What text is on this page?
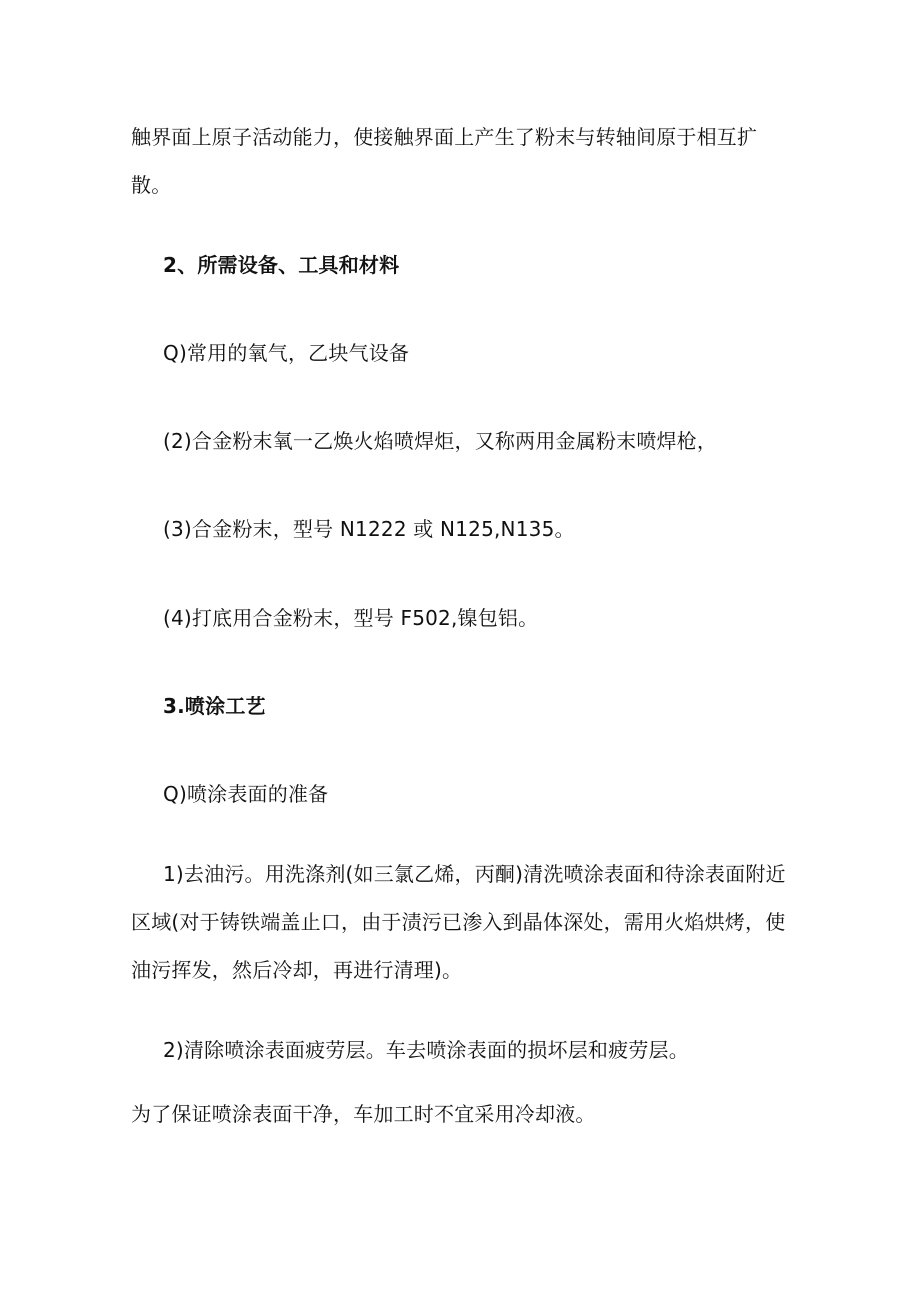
触界面上原子活动能力，使接触界面上产生了粉末与转轴间原于相互扩
散。
2、所需设备、工具和材料
Q)常用的氧气，乙块气设备
(2)合金粉末氧一乙焕火焰喷焊炬，又称两用金属粉末喷焊枪，
(3)合金粉末，型号 N1222 或 N125,N135。
(4)打底用合金粉末，型号 F502,镍包铝。
3.喷涂工艺
Q)喷涂表面的准备
1)去油污。用洗涤剂(如三氯乙烯，丙酮)清洗喷涂表面和待涂表面附近
区域(对于铸铁端盖止口，由于渍污已渗入到晶体深处，需用火焰烘烤，使
油污挥发，然后冷却，再进行清理)。
2)清除喷涂表面疲劳层。车去喷涂表面的损坏层和疲劳层。
为了保证喷涂表面干净，车加工时不宜采用冷却液。
